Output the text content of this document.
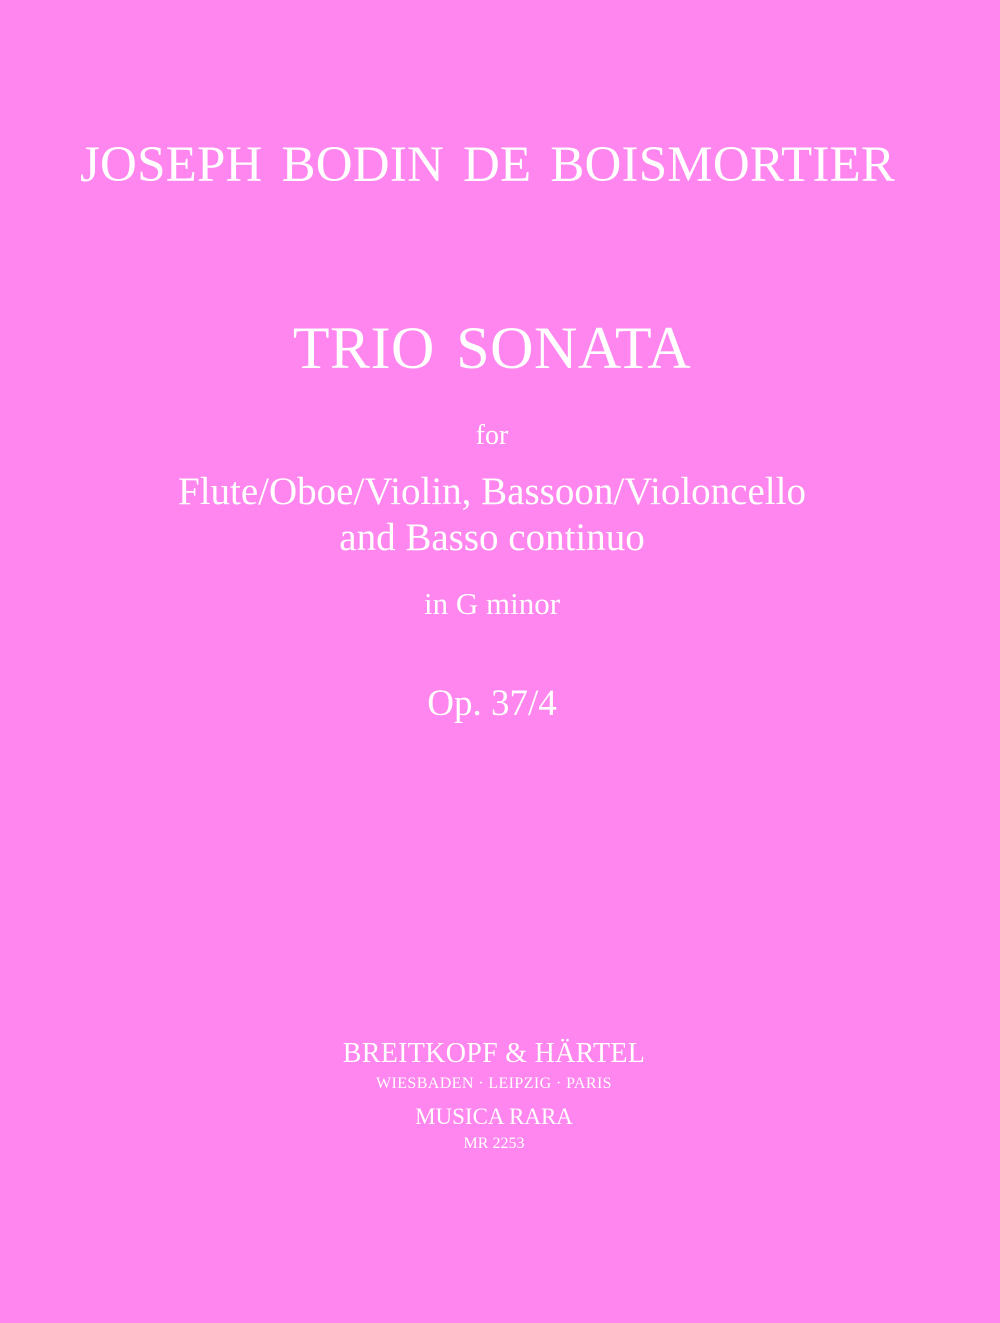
JOSEPH BODIN DE BOISMORTIER
TRIO SONATA
for
Flute/Oboe/Violin, Bassoon/Violoncello
and Basso continuo
in G minor
Op. 37/4
BREITKOPF & HÄRTEL
WIESBADEN · LEIPZIG · PARIS
MUSICA RARA
MR 2253
